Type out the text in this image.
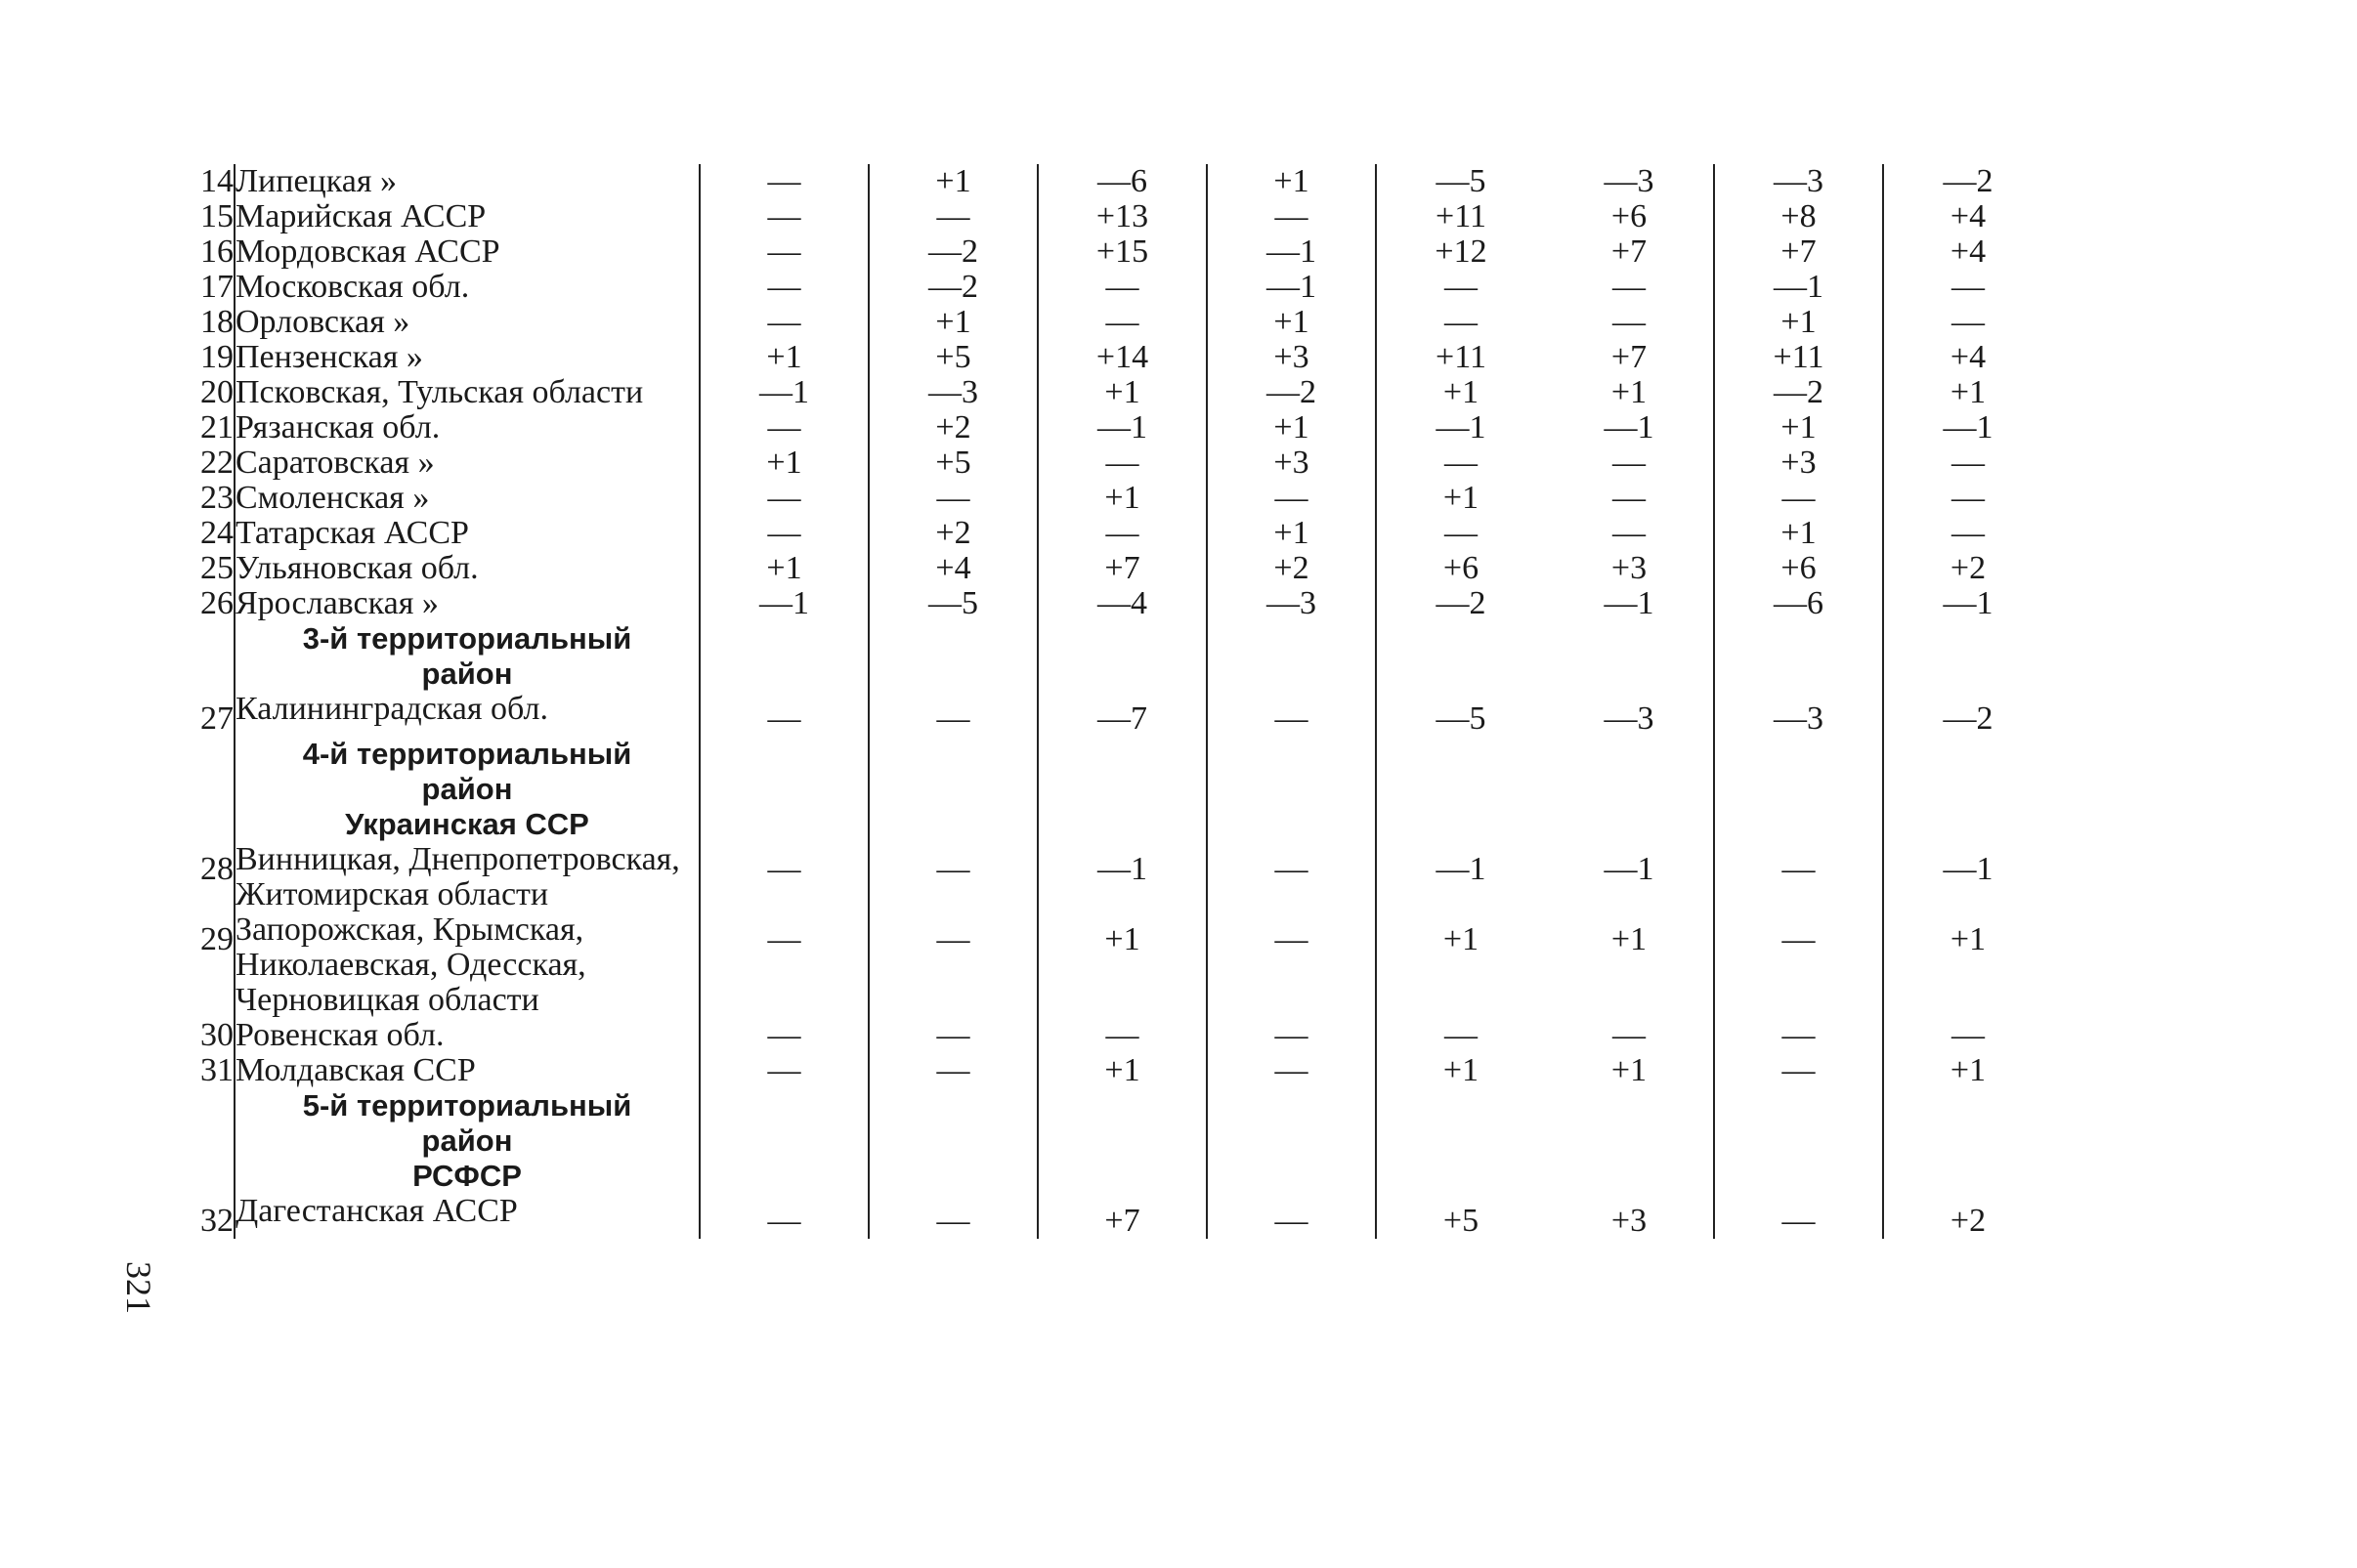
321
14	Липецкая »	—	+1	—6	+1	—5	—3	—3	—2
15	Марийская АССР	—	—	+13	—	+11	+6	+8	+4
16	Мордовская АССР	—	—2	+15	—1	+12	+7	+7	+4
17	Московская обл.	—	—2	—	—1	—	—	—1	—
18	Орловская »	—	+1	—	+1	—	—	+1	—
19	Пензенская »	+1	+5	+14	+3	+11	+7	+11	+4
20	Псковская, Тульская области	—1	—3	+1	—2	+1	+1	—2	+1
21	Рязанская обл.	—	+2	—1	+1	—1	—1	+1	—1
22	Саратовская »	+1	+5	—	+3	—	—	+3	—
23	Смоленская »	—	—	+1	—	+1	—	—	—
24	Татарская АССР	—	+2	—	+1	—	—	+1	—
25	Ульяновская обл.	+1	+4	+7	+2	+6	+3	+6	+2
26	Ярославская »	—1	—5	—4	—3	—2	—1	—6	—1

	3-й территориальный
район								

27	Калининградская обл.	—	—	—7	—	—5	—3	—3	—2

	4-й территориальный
район
Украинская ССР								

28	Винницкая, Днепропетровская, Житомирская области	—	—	—1	—	—1	—1	—	—1
29	Запорожская, Крымская, Николаевская, Одесская, Черновицкая области	—	—	+1	—	+1	+1	—	+1
30	Ровенская обл.	—	—	—	—	—	—	—	—
31	Молдавская ССР	—	—	+1	—	+1	+1	—	+1

	5-й территориальный
район
РСФСР								

32	Дагестанская АССР	—	—	+7	—	+5	+3	—	+2
